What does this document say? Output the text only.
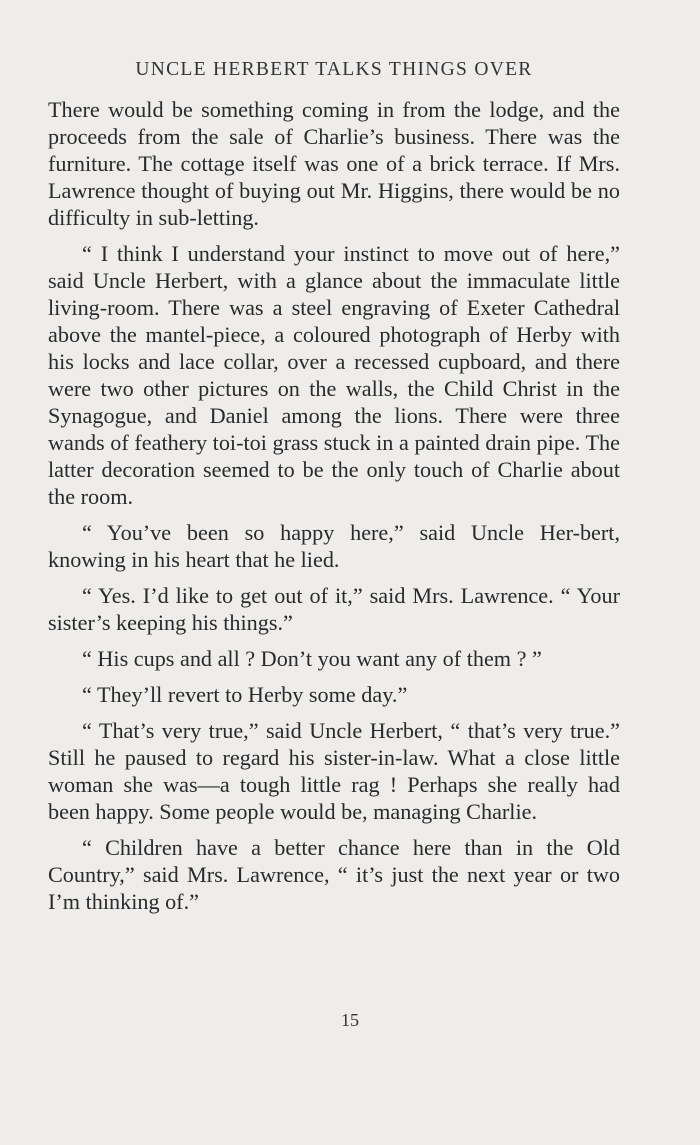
UNCLE HERBERT TALKS THINGS OVER

There would be something coming in from the lodge, and the proceeds from the sale of Charlie’s business. There was the furniture. The cottage itself was one of a brick terrace. If Mrs. Lawrence thought of buying out Mr. Higgins, there would be no difficulty in sub-letting.

“ I think I understand your instinct to move out of here,” said Uncle Herbert, with a glance about the immaculate little living-room. There was a steel engraving of Exeter Cathedral above the mantel-piece, a coloured photograph of Herby with his locks and lace collar, over a recessed cupboard, and there were two other pictures on the walls, the Child Christ in the Synagogue, and Daniel among the lions. There were three wands of feathery toi-toi grass stuck in a painted drain pipe. The latter decoration seemed to be the only touch of Charlie about the room.

“ You’ve been so happy here,” said Uncle Her-bert, knowing in his heart that he lied.

“ Yes. I’d like to get out of it,” said Mrs. Lawrence. “ Your sister’s keeping his things.”

“ His cups and all ? Don’t you want any of them ? ”

“ They’ll revert to Herby some day.”

“ That’s very true,” said Uncle Herbert, “ that’s very true.” Still he paused to regard his sister-in-law. What a close little woman she was—a tough little rag ! Perhaps she really had been happy. Some people would be, managing Charlie.

“ Children have a better chance here than in the Old Country,” said Mrs. Lawrence, “ it’s just the next year or two I’m thinking of.”

15
